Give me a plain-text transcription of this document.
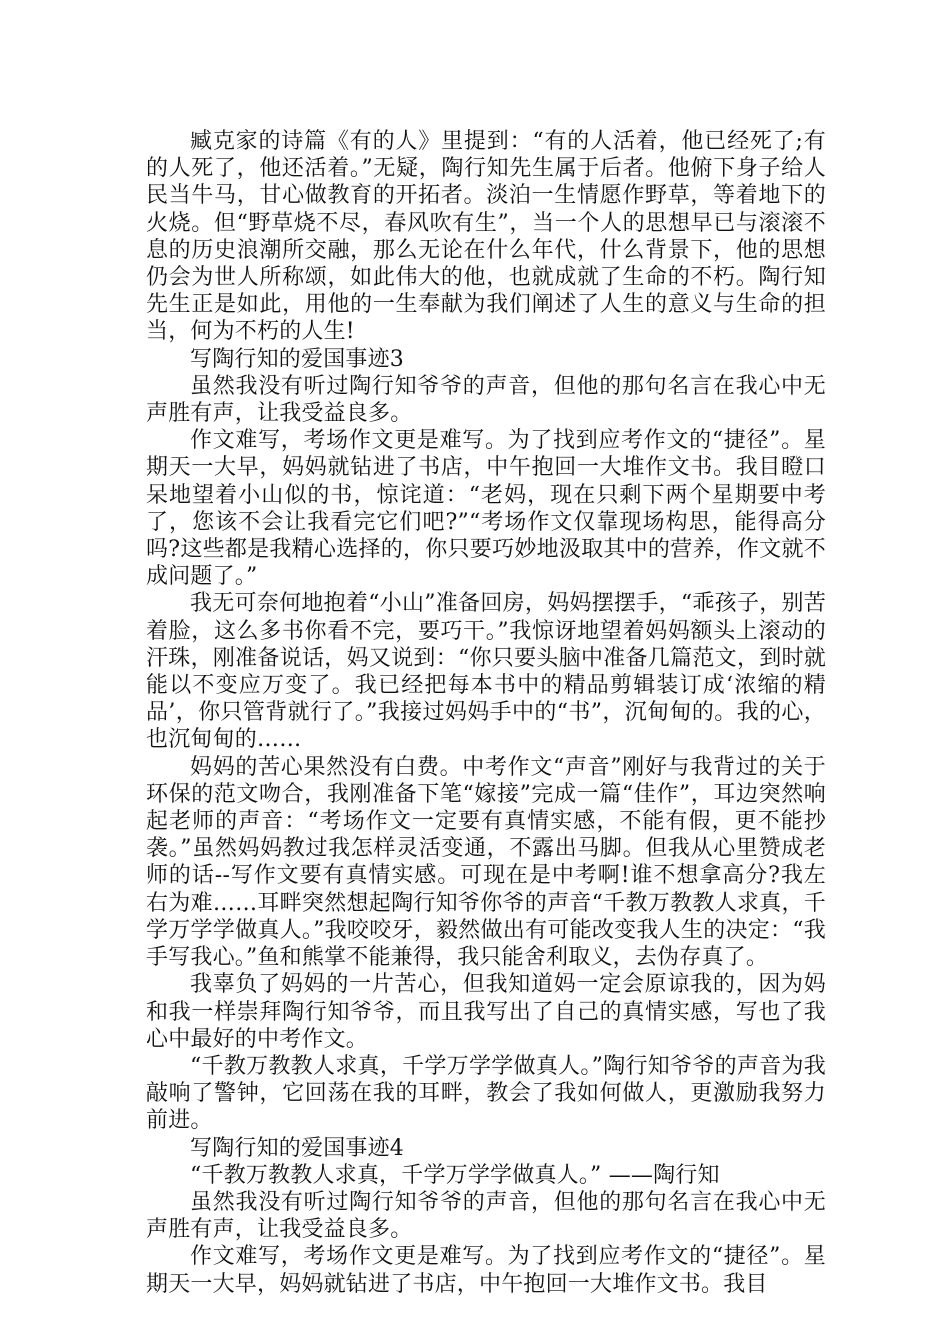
臧克家的诗篇《有的人》里提到：“有的人活着，他已经死了;有的人死了，他还活着。”无疑，陶行知先生属于后者。他俯下身子给人民当牛马，甘心做教育的开拓者。淡泊一生情愿作野草，等着地下的火烧。但“野草烧不尽，春风吹有生”，当一个人的思想早已与滚滚不息的历史浪潮所交融，那么无论在什么年代，什么背景下，他的思想仍会为世人所称颂，如此伟大的他，也就成就了生命的不朽。陶行知先生正是如此，用他的一生奉献为我们阐述了人生的意义与生命的担当，何为不朽的人生!

写陶行知的爱国事迹3

虽然我没有听过陶行知爷爷的声音，但他的那句名言在我心中无声胜有声，让我受益良多。

作文难写，考场作文更是难写。为了找到应考作文的“捷径”。星期天一大早，妈妈就钻进了书店，中午抱回一大堆作文书。我目瞪口呆地望着小山似的书，惊诧道：“老妈，现在只剩下两个星期要中考了，您该不会让我看完它们吧?”“考场作文仅靠现场构思，能得高分吗?这些都是我精心选择的，你只要巧妙地汲取其中的营养，作文就不成问题了。”

我无可奈何地抱着“小山”准备回房，妈妈摆摆手，“乖孩子，别苦着脸，这么多书你看不完，要巧干。”我惊讶地望着妈妈额头上滚动的汗珠，刚准备说话，妈又说到：“你只要头脑中准备几篇范文，到时就能以不变应万变了。我已经把每本书中的精品剪辑装订成‘浓缩的精品’，你只管背就行了。”我接过妈妈手中的“书”，沉甸甸的。我的心，也沉甸甸的……

妈妈的苦心果然没有白费。中考作文“声音”刚好与我背过的关于环保的范文吻合，我刚准备下笔“嫁接”完成一篇“佳作”，耳边突然响起老师的声音：“考场作文一定要有真情实感，不能有假，更不能抄袭。”虽然妈妈教过我怎样灵活变通，不露出马脚。但我从心里赞成老师的话--写作文要有真情实感。可现在是中考啊!谁不想拿高分?我左右为难……耳畔突然想起陶行知爷你爷的声音“千教万教教人求真，千学万学学做真人。”我咬咬牙，毅然做出有可能改变我人生的决定：“我手写我心。”鱼和熊掌不能兼得，我只能舍利取义，去伪存真了。

我辜负了妈妈的一片苦心，但我知道妈一定会原谅我的，因为妈和我一样崇拜陶行知爷爷，而且我写出了自己的真情实感，写也了我心中最好的中考作文。

“千教万教教人求真，千学万学学做真人。”陶行知爷爷的声音为我敲响了警钟，它回荡在我的耳畔，教会了我如何做人，更激励我努力前进。

写陶行知的爱国事迹4

“千教万教教人求真，千学万学学做真人。” ——陶行知

虽然我没有听过陶行知爷爷的声音，但他的那句名言在我心中无声胜有声，让我受益良多。

作文难写，考场作文更是难写。为了找到应考作文的“捷径”。星期天一大早，妈妈就钻进了书店，中午抱回一大堆作文书。我目
